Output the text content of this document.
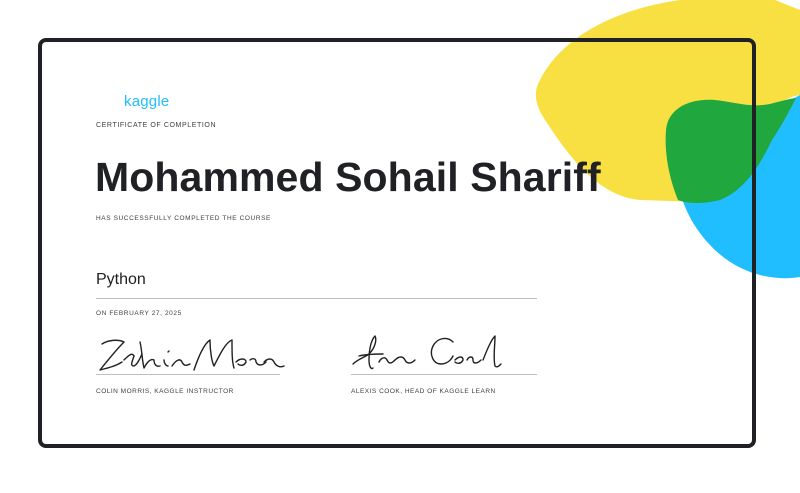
kaggle
CERTIFICATE OF COMPLETION
Mohammed Sohail Shariff
HAS SUCCESSFULLY COMPLETED THE COURSE
Python
ON FEBRUARY 27, 2025
COLIN MORRIS, KAGGLE INSTRUCTOR	ALEXIS COOK, HEAD OF KAGGLE LEARN
